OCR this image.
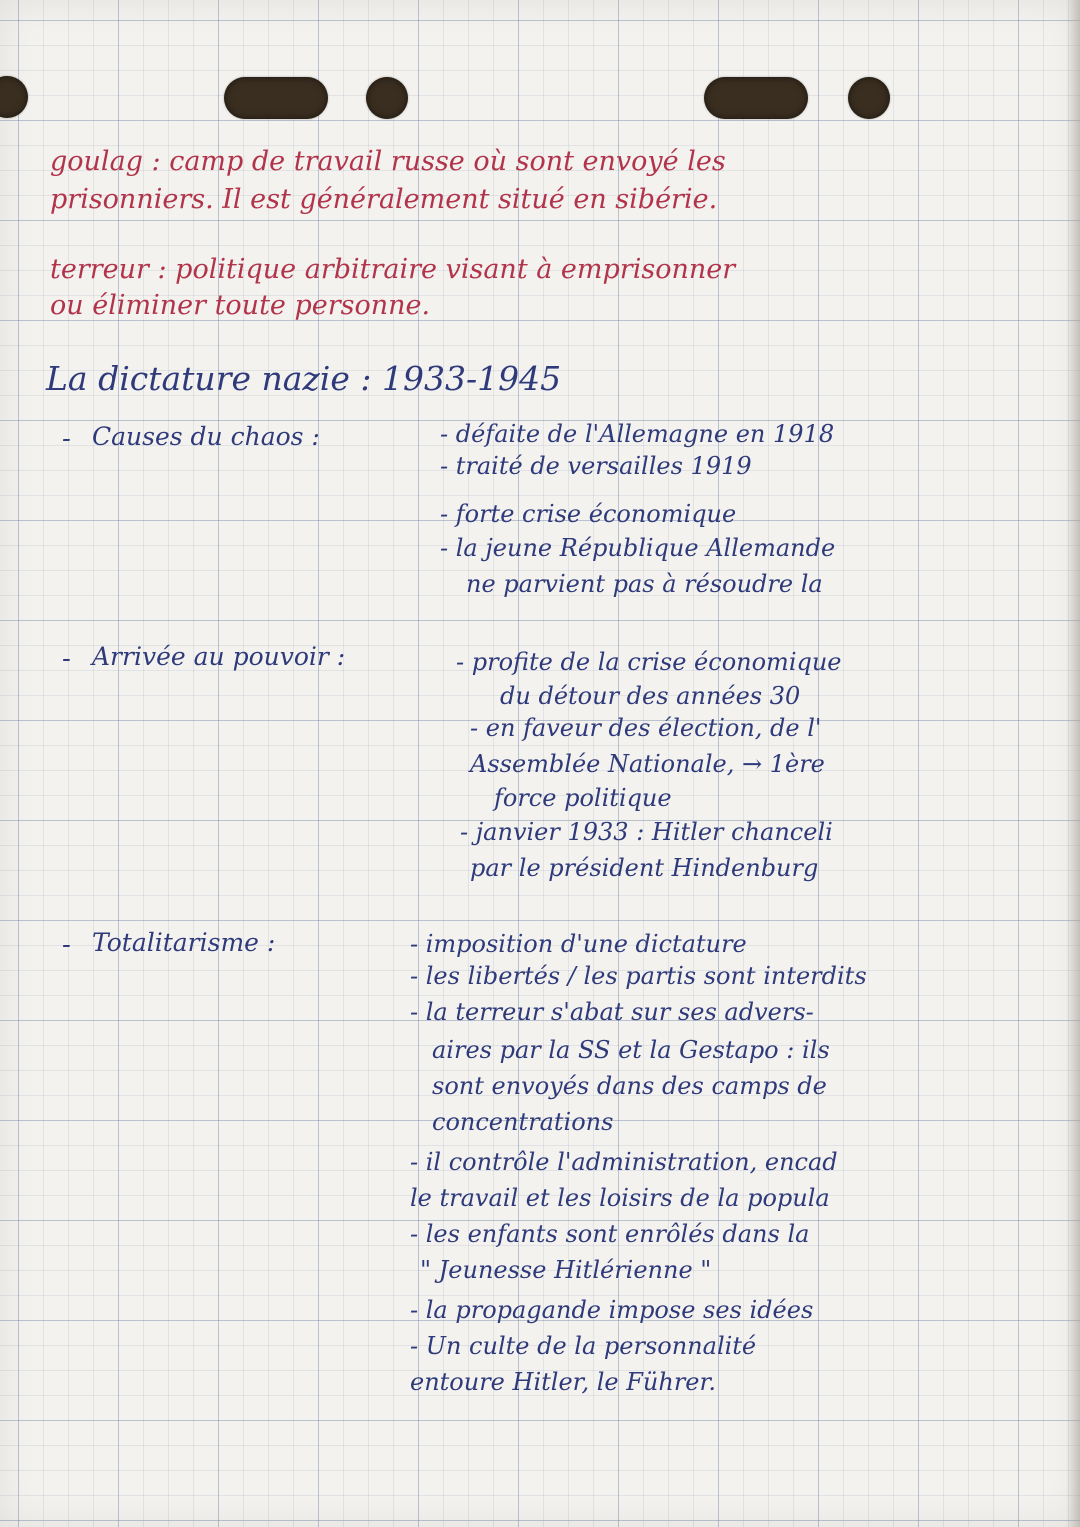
goulag : camp de travail russe où sont envoyé les
prisonniers. Il est généralement situé en sibérie.
terreur : politique arbitraire visant à emprisonner
ou éliminer toute personne.
La dictature nazie : 1933-1945
- Causes du chaos :	- défaite de l'Allemagne en 1918
- traité de versailles 1919
- forte crise économique
- la jeune République Allemande
ne parvient pas à résoudre la
- Arrivée au pouvoir :	- profite de la crise économique
du détour des années 30
- en faveur des élection, de l'
Assemblée Nationale, → 1ère
force politique
- janvier 1933 : Hitler chanceli
par le président Hindenburg
- Totalitarisme :	- imposition d'une dictature
- les libertés / les partis sont interdits
- la terreur s'abat sur ses advers-
aires par la SS et la Gestapo : ils
sont envoyés dans des camps de
concentrations
- il contrôle l'administration, encad
le travail et les loisirs de la popula
- les enfants sont enrôlés dans la
" Jeunesse Hitlérienne "
- la propagande impose ses idées
- Un culte de la personnalité
entoure Hitler, le Führer.
